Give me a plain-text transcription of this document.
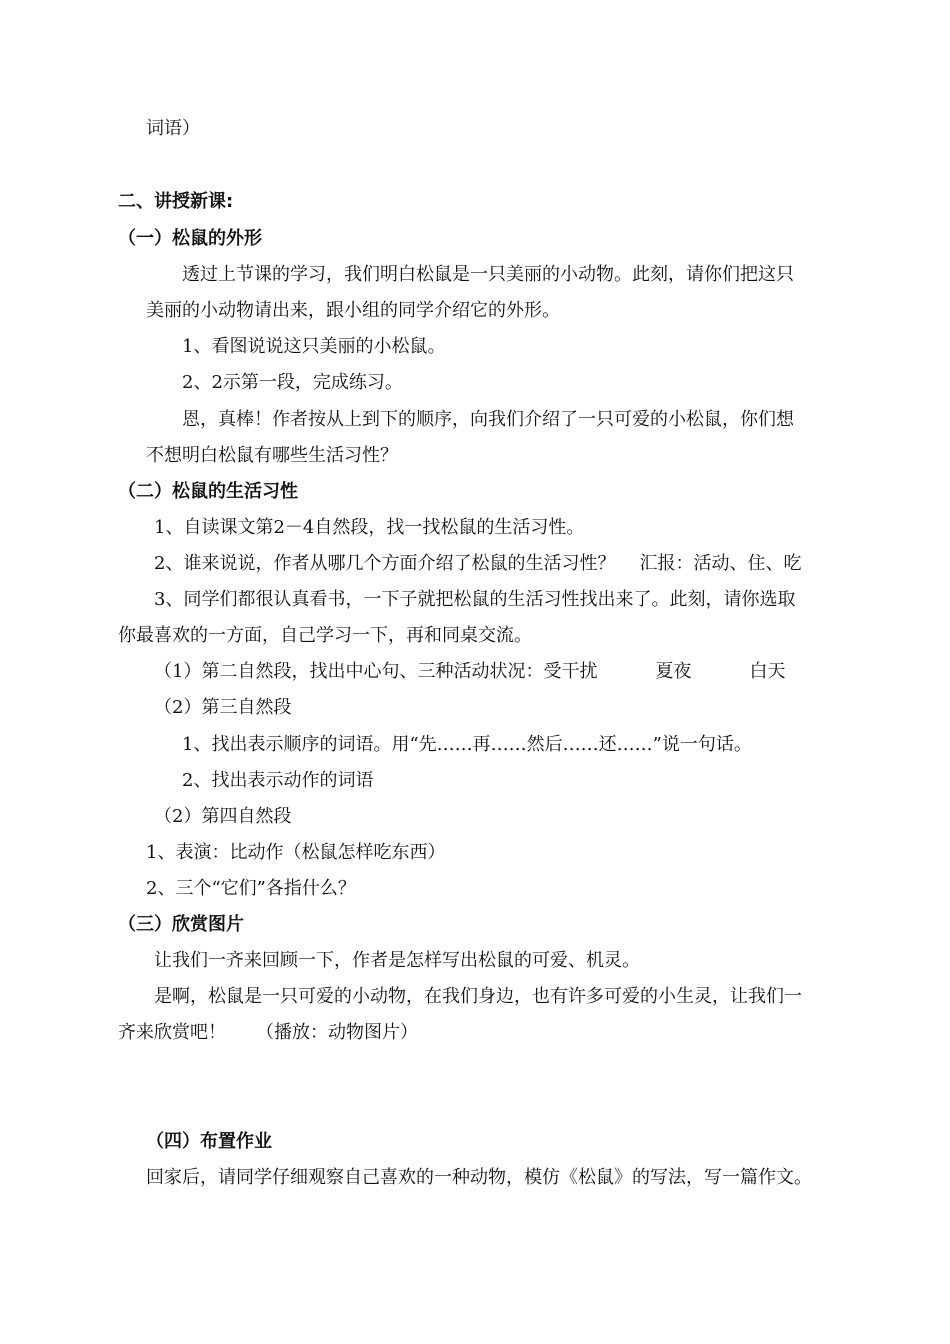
词语）
二、讲授新课:
（一）松鼠的外形
透过上节课的学习，我们明白松鼠是一只美丽的小动物。此刻，请你们把这只
美丽的小动物请出来，跟小组的同学介绍它的外形。
1、看图说说这只美丽的小松鼠。
2、2示第一段，完成练习。
恩，真棒！作者按从上到下的顺序，向我们介绍了一只可爱的小松鼠，你们想
不想明白松鼠有哪些生活习性？
（二）松鼠的生活习性
1、自读课文第2－4自然段，找一找松鼠的生活习性。
2、谁来说说，作者从哪几个方面介绍了松鼠的生活习性？ 汇报：活动、住、吃
3、同学们都很认真看书，一下子就把松鼠的生活习性找出来了。此刻，请你选取
你最喜欢的一方面，自己学习一下，再和同桌交流。
（1）第二自然段，找出中心句、三种活动状况：受干扰	夏夜	白天
（2）第三自然段
1、找出表示顺序的词语。用“先……再……然后……还……”说一句话。
2、找出表示动作的词语
（2）第四自然段
1、表演：比动作（松鼠怎样吃东西）
2、三个“它们”各指什么？
（三）欣赏图片
让我们一齐来回顾一下，作者是怎样写出松鼠的可爱、机灵。
是啊，松鼠是一只可爱的小动物，在我们身边，也有许多可爱的小生灵，让我们一
齐来欣赏吧！ （播放：动物图片）
（四）布置作业
回家后，请同学仔细观察自己喜欢的一种动物，模仿《松鼠》的写法，写一篇作文。
